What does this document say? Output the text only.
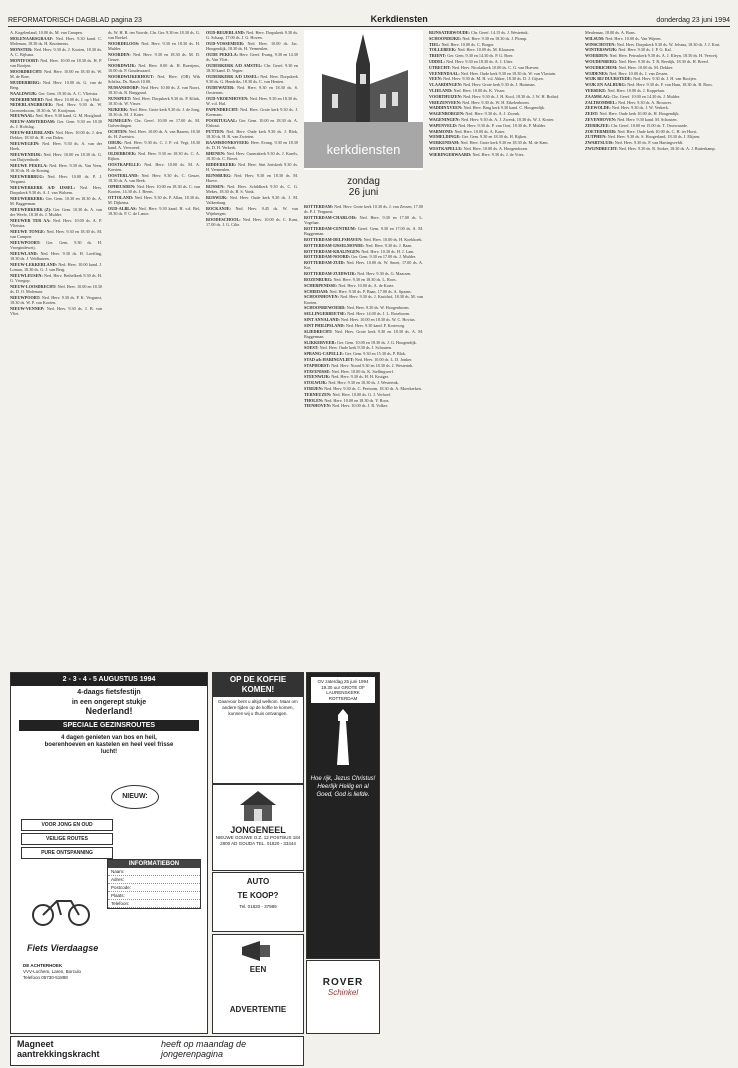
REFORMATORISCH DAGBLAD pagina 23	Kerkdiensten	donderdag 23 juni 1994

A. Kogelenland, 10.00 ds. M. van Campen.

MOLENAARSGRAAF: Ned. Herv. 9.30 kand. C. Molenaar, 18.30 ds. H. Knottnerus.

MONSTER: Ned. Herv. 9.30 ds. J. Kooien, 18.30 ds. A. C. Bijlsma.

MONTFOORT: Ned. Herv. 10.00 en 18.30 ds. H. P. van Rooijen.

MOORDRECHT: Ned. Herv. 10.00 en 18.30 ds. W. M. de Boer.

MUIDERBERG: Ned. Herv. 10.00 ds. G. van de Berg.

NAALDWIJK: Ger. Gem. 19.30 ds. A. C. Vlietstra.

NEDERHEMERT: Ned. Herv. 10.00 ds. J. op 't Hof.

NEDERLANGBROEK: Ned. Herv. 9.30 ds. W. Groenenboom, 18.30 ds. W. Kooijman.

NIEUWAAL: Ned. Herv. 9.30 kand. G. M. Hoogland.

NIEUW-AMSTERDAM: Ger. Gem. 9.30 en 18.30 ds. J. Holtslag.

NIEUW-BEIJERLAND: Ned. Herv. 10.00 ds. J. den Dekker, 18.30 ds. H. van Dalen.

NIEUWEGEIN: Ned. Herv. 9.30 ds. A. van der Hoek.

NIEUWENDIJK: Ned. Herv. 10.00 en 18.30 ds. G. van Duijvenbode.

NIEUWE PEKELA: Ned. Herv. 9.30 ds. Van Veen, 18.30 ds. H. de Koning.

NIEUWERBRUG: Ned. Herv. 10.00 ds. P. J. Vergunst.

NIEUWERKERK A/D IJSSEL: Ned. Herv. Dorpskerk 9.30 ds. A. J. van Walsem.

NIEUWERKERK: Ger. Gem. 10.30 en 18.30 ds. A. M. Baggerman.

NIEUWERKERK (Z): Ger. Gem. 10.30 ds. A. van der Weele, 18.30 ds. J. Mulder.

NIEUWER TER AA: Ned. Herv. 10.00 ds. A. P. Vlietstra.

NIEUWE TONGE: Ned. Herv. 9.30 en 18.30 ds. M. van Campen.

NIEUWPOORT: Ger. Gem. 9.30 ds. H. Vroegindeweij.

NIEUWLAND: Ned. Herv. 9.30 ds. H. Loeffing, 18.30 ds. J. Veldhuizen.

NIEUW-LEKKERLAND: Ned. Herv. 10.00 kand. J. Loman, 18.30 ds. G. J. van Berg.

NIEUWLEUSEN: Ned. Herv. Bethelkerk 9.30 ds. H. G. Vroegop.

NIEUW-LOOSDRECHT: Ned. Herv. 10.00 en 18.30 ds. D. O. Molenaar.

NIEUWPOORT: Ned. Herv. 9.30 ds. P. K. Vergunst, 18.30 ds. W. P. van Kooten.

NIEUW-VENNEP: Ned. Herv. 9.30 ds. J. B. van Vliet.

ds. W. H. B. ten Voorde, Chr. Ger. 9.30 en 18.30 ds. G. van Roekel.

NOORDELOOS: Ned. Herv. 9.30 en 18.30 ds. H. Mulder.

NOORDEN: Ned. Herv. 9.30 en 18.30 ds. M. D. Geuze.

NOORDWIJK: Ned. Herv. 8.00 ds. H. Boertjens, 10.00 ds. P. Goudzwaard.

NOORDWIJKERHOUT: Ned. Herv. (OB) Wik Schilax, Ds. Rasch 10.00.

NUMANSDORP: Ned. Herv. 10.00 ds. Z. van Noort, 18.30 ds. R. Burggraaf.

NUNSPEET: Ned. Herv. Dorpskerk 9.30 ds. P. Klink, 18.30 ds. W. Visser.

NIJKERK: Ned. Herv. Grote kerk 9.30 ds. J. de Jong, 18.30 ds. M. J. Kater.

NIJMEGEN: Chr. Geref. 10.00 en 17.00 ds. M. Golverdingen.

OCHTEN: Ned. Herv. 10.00 ds. A. van Baaren, 18.30 ds. H. Zweistra.

ODIJK: Ned. Herv. 9.30 ds. C. J. P. vd. Vegt, 18.30 kand. A. Verwoerd.

OLDEBROEK: Ned. Herv. 9.30 en 18.30 ds. C. A. Rijken.

OOSTKAPELLE: Ned. Herv. 10.00 ds. M. A. Korsten.

OOSTERLAND: Ned. Herv. 9.30 ds. C. Geuze, 18.30 ds. A. van Beek.

OPHEUSDEN: Ned. Herv. 10.00 en 18.30 ds. C. van Kooten, 14.30 ds. J. Beens.

OTTOLAND: Ned. Herv. 9.30 ds. P. Allan, 18.30 ds. M. Dijkema.

OUD-ALBLAS: Ned. Herv. 9.30 kand. H. v.d. Bel, 18.30 ds. P. C. de Lance.

OUD-BEIJERLAND: Ned. Herv. Dorpskerk 9.30 ds. G. Schaap, 17.00 ds. J. G. Hoven.

OUD-VOSSEMEER: Ned. Herv. 10.00 ds. Jac. Hoogendijk, 18.30 ds. H. Vermeulen.

OUDE PEKELA: Herv. Geref. Evang. 9.30 en 14.30 ds. Van Vliet.

OUDERKERK A/D AMSTEL: Chr. Geref. 9.30 en 18.30 kand. D. Vegter.

OUDERKERK A/D IJSSEL: Ned. Herv. Dorpskerk 9.30 ds. G. Hendriks, 18.30 ds. C. van Henten.

OUDEWATER: Ned. Herv. 9.30 en 18.30 ds. S. Oosterom.

OUD-VROENHOVEN: Ned. Herv. 9.30 en 18.30 ds. W. v.d. Hul.

PAPENDRECHT: Ned. Herv. Grote kerk 9.30 ds. J. Koemans.

POORTUGAAL: Ger. Gem. 10.00 en 18.30 ds. A. Elshout.

PUTTEN: Ned. Herv. Oude kerk 9.30 ds. J. Blok, 18.30 ds. H. R. van Zwieten.

RAAMSDONKSVEER: Herv. Evang. 9.30 en 18.30 ds. D. H. Verkerk.

RHENEN: Ned. Herv. Cunerakerk 9.30 ds. J. Karels, 18.30 ds. C. Bovet.

RIDDERKERK: Ned. Herv. Sint Joriskerk 9.30 ds. H. Vermeulen.

RIJNSBURG: Ned. Herv. 9.30 en 18.30 ds. M. Hoeve.

RIJSSEN: Ned. Herv. Schildkerk 9.30 ds. C. G. Mekes, 18.30 ds. B. S. Vonk.

RIJSWIJK: Ned. Herv. Oude kerk 9.30 ds. J. M. Valkenburg.

ROCKANJE: Ned. Herv. 9.45 ds. W. van Wijnbergen.

ROODESCHOOL: Ned. Herv. 10.00 ds. C. Kant, 17.00 ds. J. G. Cilie.

kerkdiensten
zondag
26 juni

ROTTERDAM: Ned. Herv. Grote kerk 10.30 ds. J. van Zessen, 17.00 ds. P. J. Vergunst.

ROTTERDAM-CHARLOIS: Ned. Herv. 9.30 en 17.00 ds. L. Vogelaar.

ROTTERDAM-CENTRUM: Geref. Gem. 9.30 en 17.00 ds. A. M. Baggerman.

ROTTERDAM-DELFSHAVEN: Ned. Herv. 10.00 ds. H. Koekkoek.

ROTTERDAM-IJSSELMONDE: Ned. Herv. 9.30 ds. J. Baan.

ROTTERDAM-KRALINGEN: Ned. Herv. 10.30 ds. H. J. Lam.

ROTTERDAM-NOORD: Ger. Gem. 9.30 en 17.00 ds. J. Mulder.

ROTTERDAM-ZUID: Ned. Herv. 10.00 ds. W. Snoei, 17.00 ds. A. Kot.

ROTTERDAM-ZUIDWIJK: Ned. Herv. 9.30 ds. G. Maassen.

ROZENBURG: Ned. Herv. 9.30 en 18.30 ds. L. Roos.

SCHERPENISSE: Ned. Herv. 10.00 ds. A. de Korte.

SCHIEDAM: Ned. Herv. 9.30 ds. P. Baan, 17.00 ds. A. Spaans.

SCHOONHOVEN: Ned. Herv. 9.30 ds. J. Kruithof, 18.30 ds. M. van Kooten.

SCHOONREWOERD: Ned. Herv. 9.30 ds. W. Hoogenboom.

SELLINGERBEETSE: Ned. Herv. 14.00 ds. J. L. Roseboom.

SINT ANNALAND: Ned. Herv. 10.00 en 18.30 ds. W. C. Hovius.

SINT PHILIPSLAND: Ned. Herv. 9.30 kand. P. Korteweg.

SLIEDRECHT: Ned. Herv. Grote kerk 9.30 en 18.30 ds. A. M. Baggerman.

SLIKKERVEER: Ger. Gem. 10.00 en 18.30 ds. J. G. Hoogendijk.

SOEST: Ned. Herv. Oude kerk 9.30 ds. J. Schouten.

SPRANG-CAPELLE: Ger. Gem. 9.30 en 15.30 ds. P. Blok.

STAD a/h HARINGVLIET: Ned. Herv. 10.00 ds. L. D. Jonker.

STAPHORST: Ned. Herv. Noord 9.30 en 18.30 ds. J. Westerink.

STAVENISSE: Ned. Herv. 10.00 ds. K. Stellingwerf.

STEENWIJK: Ned. Herv. 9.30 ds. H. H. Kruiger.

STOLWIJK: Ned. Herv. 9.30 en 18.30 ds. J. Westerink.

STRIJEN: Ned. Herv. 9.30 ds. C. Peetoom, 18.30 ds. A. Moerkerken.

TERNEUZEN: Ned. Herv. 10.00 ds. G. J. Verhoef.

THOLEN: Ned. Herv. 10.00 en 18.30 ds. Y. Roos.

TIENHOVEN: Ned. Herv. 10.00 ds. J. R. Volker.

RIJNSATERWOUDE: Chr. Geref. 14.15 ds. J. Westerink.

SCHOONDIJKE: Ned. Herv. 9.30 en 18.30 ds. J. Plomp.

TIEL: Ned. Herv. 10.00 ds. C. Borger.

TOLLEBEEK: Ned. Herv. 10.00 ds. M. Klaassen.

TRIENT: Ger. Gem. 9.30 en 14.30 ds. P. G. Boer.

UDDEL: Ned. Herv. 9.30 en 18.30 ds. A. J. Uiter.

UTRECHT: Ned. Herv. Nicolaïkerk 10.00 ds. C. G. van Hoeven.

VEENENDAAL: Ned. Herv. Oude kerk 9.30 en 18.30 ds. W. van Vlastuin.

VEEN: Ned. Herv. 9.30 ds. M. H. v.d. Akker, 18.30 ds. D. J. Gijsen.

VLAARDINGEN: Ned. Herv. Grote kerk 9.30 ds. J. Huisman.

VLIELAND: Ned. Herv. 10.00 ds. K. Visser.

VOORTHUIZEN: Ned. Herv. 9.30 ds. J. H. Kool, 18.30 ds. J. W. H. Bothof.

VRIEZENVEEN: Ned. Herv. 9.30 ds. W. H. Eikelenboom.

WADDINXVEEN: Ned. Herv. Brug kerk 9.30 kand. C. Hoogendijk.

WAGENBORGEN: Ned. Herv. 9.30 ds. A. J. Zwenk.

WAGENINGEN: Ned. Herv. 9.30 ds. A. J. Zwenk, 18.30 ds. W. J. Koster.

WAPENVELD: Ned. Herv. 9.30 ds. P. van Oort, 18.30 ds. P. Mulder.

WARMOND: Ned. Herv. 10.00 ds. A. Kater.

WEMELDINGE: Ger. Gem. 9.30 en 18.30 ds. H. Rijken.

WERKENDAM: Ned. Herv. Grote kerk 9.30 en 18.30 ds. M. de Kam.

WESTKAPELLE: Ned. Herv. 10.00 ds. A. Hoogendoorn.

WIERINGERWAARD: Ned. Herv. 9.30 ds. J. de Vries.

Meulenaar, 18.00 ds. A. Bons.

WILSUM: Ned. Herv. 10.00 ds. Van Wijnen.

WINSCHOTEN: Ned. Herv. Dorpskerk 9.30 ds. W. Jelsma, 18.30 ds. J. J. Kort.

WINTERSWIJK: Ned. Herv. 9.30 ds. J. P. G. Kal.

WOERDEN: Ned. Herv. Petruskerk 9.30 ds. A. J. Kleyn, 18.30 ds. H. Verweij.

WOUDENBERG: Ned. Herv. 9.30 ds. T. R. Reedijk, 18.30 ds. H. Breed.

WOUDRICHEM: Ned. Herv. 10.00 ds. M. Dekker.

WIJDENES: Ned. Herv. 10.00 ds. J. van Zessen.

WIJK BIJ DUURSTEDE: Ned. Herv. 9.30 ds. J. H. van Rooijen.

WIJK EN AALBURG: Ned. Herv. 9.30 ds. F. van Ham, 18.30 ds. B. Roos.

YERSEKE: Ned. Herv. 10.00 ds. J. Koppelaar.

ZAAMSLAG: Chr. Geref. 10.00 en 14.30 ds. J. Mulder.

ZALTBOMMEL: Ned. Herv. 9.30 ds. A. Brouwer.

ZEEWOLDE: Ned. Herv. 9.30 ds. J. W. Verkerk.

ZEIST: Ned. Herv. Oude kerk 10.00 ds. H. Hoogendijk.

ZEVENHOVEN: Ned. Herv. 9.30 kand. M. Schouten.

ZIERIKZEE: Chr. Geref. 10.00 en 15.00 ds. T. Ossewaarde.

ZOETERMEER: Ned. Herv. Oude kerk 10.00 ds. C. H. ter Horst.

ZUTPHEN: Ned. Herv. 9.30 ds. S. Hoogerland, 18.30 ds. J. Elijzen.

ZWARTSLUIS: Ned. Herv. 9.30 ds. P. van Hartingsveldt.

ZWIJNDRECHT: Ned. Herv. 9.30 ds. R. Stoker, 18.30 ds. A. J. Ruiterkamp.

2 - 3 - 4 - 5 AUGUSTUS 1994
4-daags fietsfestijn
in een ongerept stukje
Nederland!
SPECIALE GEZINSROUTES
4 dagen genieten van bos en heil, boerenhoeven en kastelen en heel veel frisse lucht!
NIEUW:
VOOR JONG EN OUD
VEILIGE ROUTES
PURE ONTSPANNING
INFORMATIEBON
Naam:
Adres:
Postcode:
Plaats:
Telefoon:
Fiets Vierdaagse
DE ACHTERHOEK
VVV-Lochem, Laren, Borculo
Telefoon 05730-51898
OP DE KOFFIE KOMEN!
Daarvoor bent u altijd welkom. Maar om andere tijden op de koffie te komen, kunnen wij u thuis ontvangen.
JONGENEEL
NIEUWE GOUWE O.Z. 12 POSTBUS 184 2800 AD GOUDA TEL. 01820 - 33444
AUTO
TE KOOP?
Tel. 01820 - 37989
EEN
ADVERTENTIE
OV zaterdag 25 juni 1994 19.30 uur GROTE OF LAURENSKERK ROTTERDAM
Hoe rijk, Jezus Christus! Heerlijk Heilig en al Goed, God is liefde.
ROVER
Schinkel
Magneet
aantrekkingskracht
heeft op maandag de jongerenpagina
